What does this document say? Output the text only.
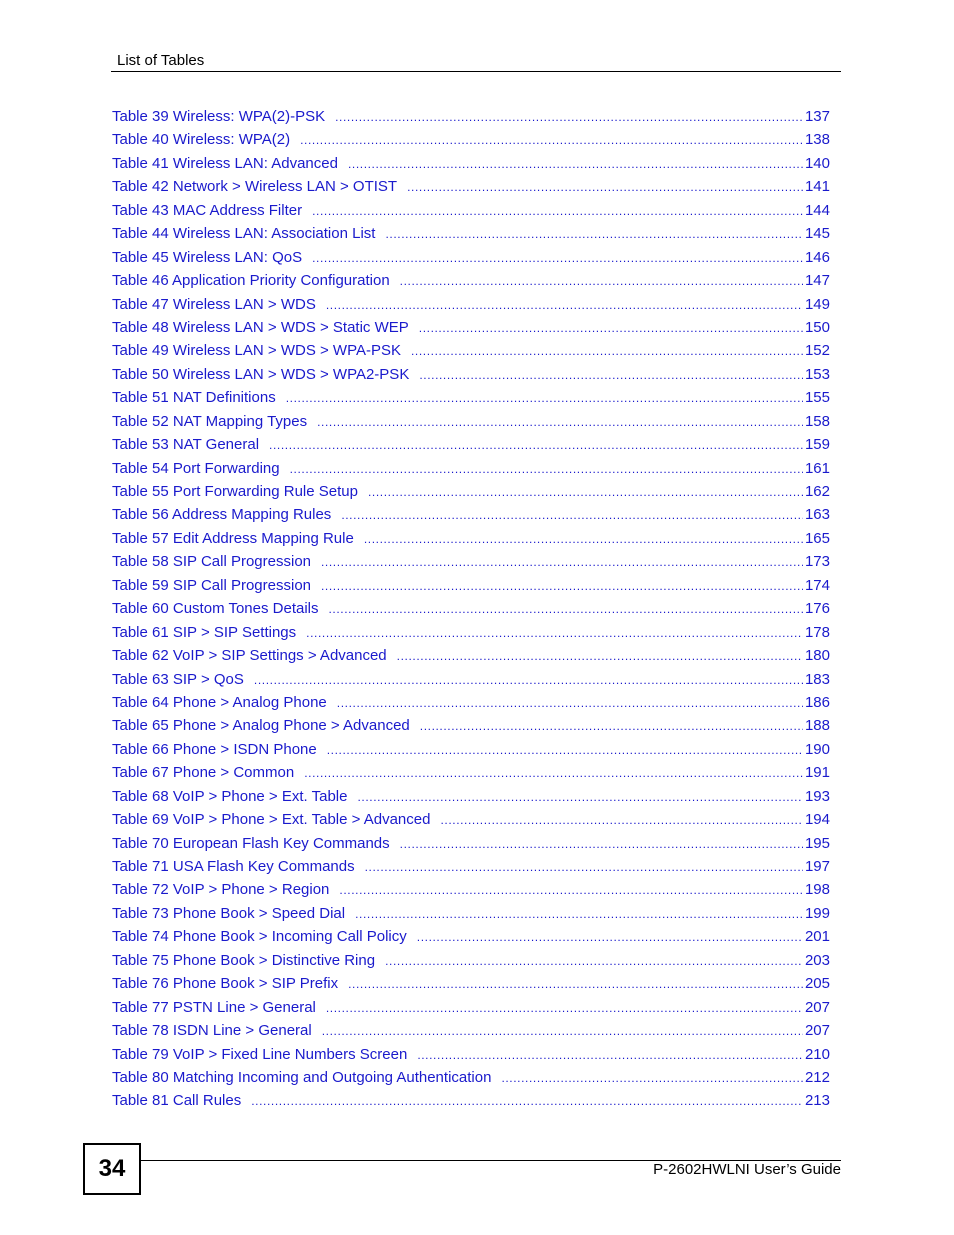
List of Tables
Table 39 Wireless: WPA(2)-PSK .....	137
Table 40 Wireless: WPA(2) .....	138
Table 41 Wireless LAN: Advanced .....	140
Table 42 Network > Wireless LAN > OTIST .....	141
Table 43 MAC Address Filter .....	144
Table 44 Wireless LAN: Association List .....	145
Table 45 Wireless LAN: QoS .....	146
Table 46 Application Priority Configuration .....	147
Table 47 Wireless LAN > WDS .....	149
Table 48 Wireless LAN > WDS > Static WEP .....	150
Table 49 Wireless LAN > WDS > WPA-PSK .....	152
Table 50 Wireless LAN > WDS > WPA2-PSK .....	153
Table 51 NAT Definitions .....	155
Table 52 NAT Mapping Types .....	158
Table 53 NAT General .....	159
Table 54 Port Forwarding .....	161
Table 55 Port Forwarding Rule Setup .....	162
Table 56 Address Mapping Rules .....	163
Table 57 Edit Address Mapping Rule .....	165
Table 58 SIP Call Progression .....	173
Table 59 SIP Call Progression .....	174
Table 60 Custom Tones Details .....	176
Table 61 SIP > SIP Settings .....	178
Table 62 VoIP > SIP Settings > Advanced .....	180
Table 63 SIP > QoS .....	183
Table 64 Phone > Analog Phone .....	186
Table 65 Phone > Analog Phone > Advanced .....	188
Table 66 Phone > ISDN Phone .....	190
Table 67 Phone > Common .....	191
Table 68 VoIP > Phone > Ext. Table .....	193
Table 69 VoIP > Phone > Ext. Table > Advanced .....	194
Table 70 European Flash Key Commands .....	195
Table 71 USA Flash Key Commands .....	197
Table 72 VoIP > Phone > Region .....	198
Table 73 Phone Book > Speed Dial .....	199
Table 74 Phone Book > Incoming Call Policy .....	201
Table 75 Phone Book > Distinctive Ring .....	203
Table 76 Phone Book > SIP Prefix .....	205
Table 77 PSTN Line > General .....	207
Table 78 ISDN Line > General .....	207
Table 79 VoIP > Fixed Line Numbers Screen .....	210
Table 80 Matching Incoming and Outgoing Authentication .....	212
Table 81 Call Rules .....	213
34	P-2602HWLNI User’s Guide
